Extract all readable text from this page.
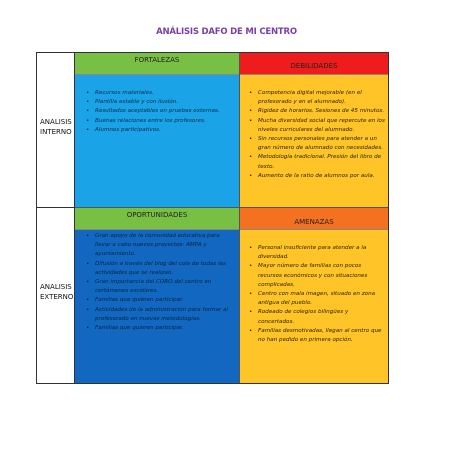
ANÁLISIS DAFO DE MI CENTRO
ANALISIS
INTERNO
ANALISIS
EXTERNO
FORTALEZAS
• Recursos materiales.
• Plantilla estable y con ilusión.
• Resultados aceptables en pruebas externas.
• Buenas relaciones entre los profesores.
• Alumnos participativos.
DEBILIDADES
• Competencia digital mejorable (en el profesorado y en el alumnado).
• Rigidez de horarios. Sesiones de 45 minutos.
• Mucha diversidad social que repercute en los niveles curriculares del alumnado.
• Sin recursos personales para atender a un gran número de alumnado con necesidades.
• Metodología tradicional. Presión del libro de texto.
• Aumento de la ratio de alumnos por aula.
OPORTUNIDADES
• Gran apoyo de la comunidad educativa para llevar a cabo nuevos proyectos: AMPA y ayuntamiento.
• Difusión a través del blog del cole de todas las actividades que se realizan.
• Gran importancia del CORO del centro en certámenes escolares.
• Familias que quieren participar.
• Actividades de la administración para formar al profesorado en nuevas metodologías.
• Familias que quieren participar.
AMENAZAS
• Personal insuficiente para atender a la diversidad.
• Mayor número de familias con pocos recursos económicos y con situaciones complicadas.
• Centro con mala imagen, situado en zona antigua del pueblo.
• Rodeado de colegios bilingües y concertados.
• Familias desmotivadas, llegan al centro que no han pedido en primera opción.
